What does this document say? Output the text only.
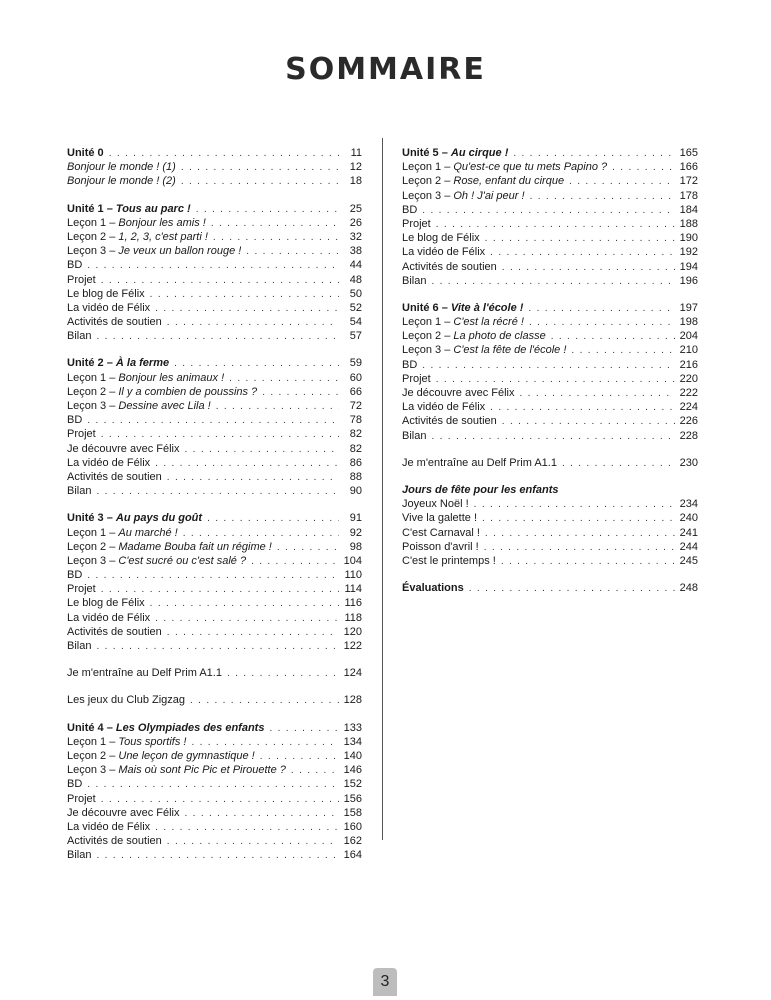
SOMMAIRE
Unité 0 . . .	11
Bonjour le monde ! (1) . . .	12
Bonjour le monde ! (2) . . .	18
Unité 1 – Tous au parc ! . . .	25
Leçon 1 – Bonjour les amis ! . . .	26
Leçon 2 – 1, 2, 3, c'est parti ! . . .	32
Leçon 3 – Je veux un ballon rouge ! . . .	38
BD . . .	44
Projet . . .	48
Le blog de Félix . . .	50
La vidéo de Félix . . .	52
Activités de soutien . . .	54
Bilan . . .	57
Unité 2 – À la ferme . . .	59
Leçon 1 – Bonjour les animaux ! . . .	60
Leçon 2 – Il y a combien de poussins ? . . .	66
Leçon 3 – Dessine avec Lila ! . . .	72
BD . . .	78
Projet . . .	82
Je découvre avec Félix . . .	82
La vidéo de Félix . . .	86
Activités de soutien . . .	88
Bilan . . .	90
Unité 3 – Au pays du goût . . .	91
Leçon 1 – Au marché ! . . .	92
Leçon 2 – Madame Bouba fait un régime ! . . .	98
Leçon 3 – C'est sucré ou c'est salé ? . . .	104
BD . . .	110
Projet . . .	114
Le blog de Félix . . .	116
La vidéo de Félix . . .	118
Activités de soutien . . .	120
Bilan . . .	122
Je m'entraîne au Delf Prim A1.1 . . .	124
Les jeux du Club Zigzag . . .	128
Unité 4 – Les Olympiades des enfants . . .	133
Leçon 1 – Tous sportifs ! . . .	134
Leçon 2 – Une leçon de gymnastique ! . . .	140
Leçon 3 – Mais où sont Pic Pic et Pirouette ? . . .	146
BD . . .	152
Projet . . .	156
Je découvre avec Félix . . .	158
La vidéo de Félix . . .	160
Activités de soutien . . .	162
Bilan . . .	164
Unité 5 – Au cirque ! . . .	165
Leçon 1 – Qu'est-ce que tu mets Papino ? . . .	166
Leçon 2 – Rose, enfant du cirque . . .	172
Leçon 3 – Oh ! J'ai peur ! . . .	178
BD . . .	184
Projet . . .	188
Le blog de Félix . . .	190
La vidéo de Félix . . .	192
Activités de soutien . . .	194
Bilan . . .	196
Unité 6 – Vite à l'école ! . . .	197
Leçon 1 – C'est la récré ! . . .	198
Leçon 2 – La photo de classe . . .	204
Leçon 3 – C'est la fête de l'école ! . . .	210
BD . . .	216
Projet . . .	220
Je découvre avec Félix . . .	222
La vidéo de Félix . . .	224
Activités de soutien . . .	226
Bilan . . .	228
Je m'entraîne au Delf Prim A1.1 . . .	230
Jours de fête pour les enfants
Joyeux Noël ! . . .	234
Vive la galette ! . . .	240
C'est Carnaval ! . . .	241
Poisson d'avril ! . . .	244
C'est le printemps ! . . .	245
Évaluations . . .	248
3
